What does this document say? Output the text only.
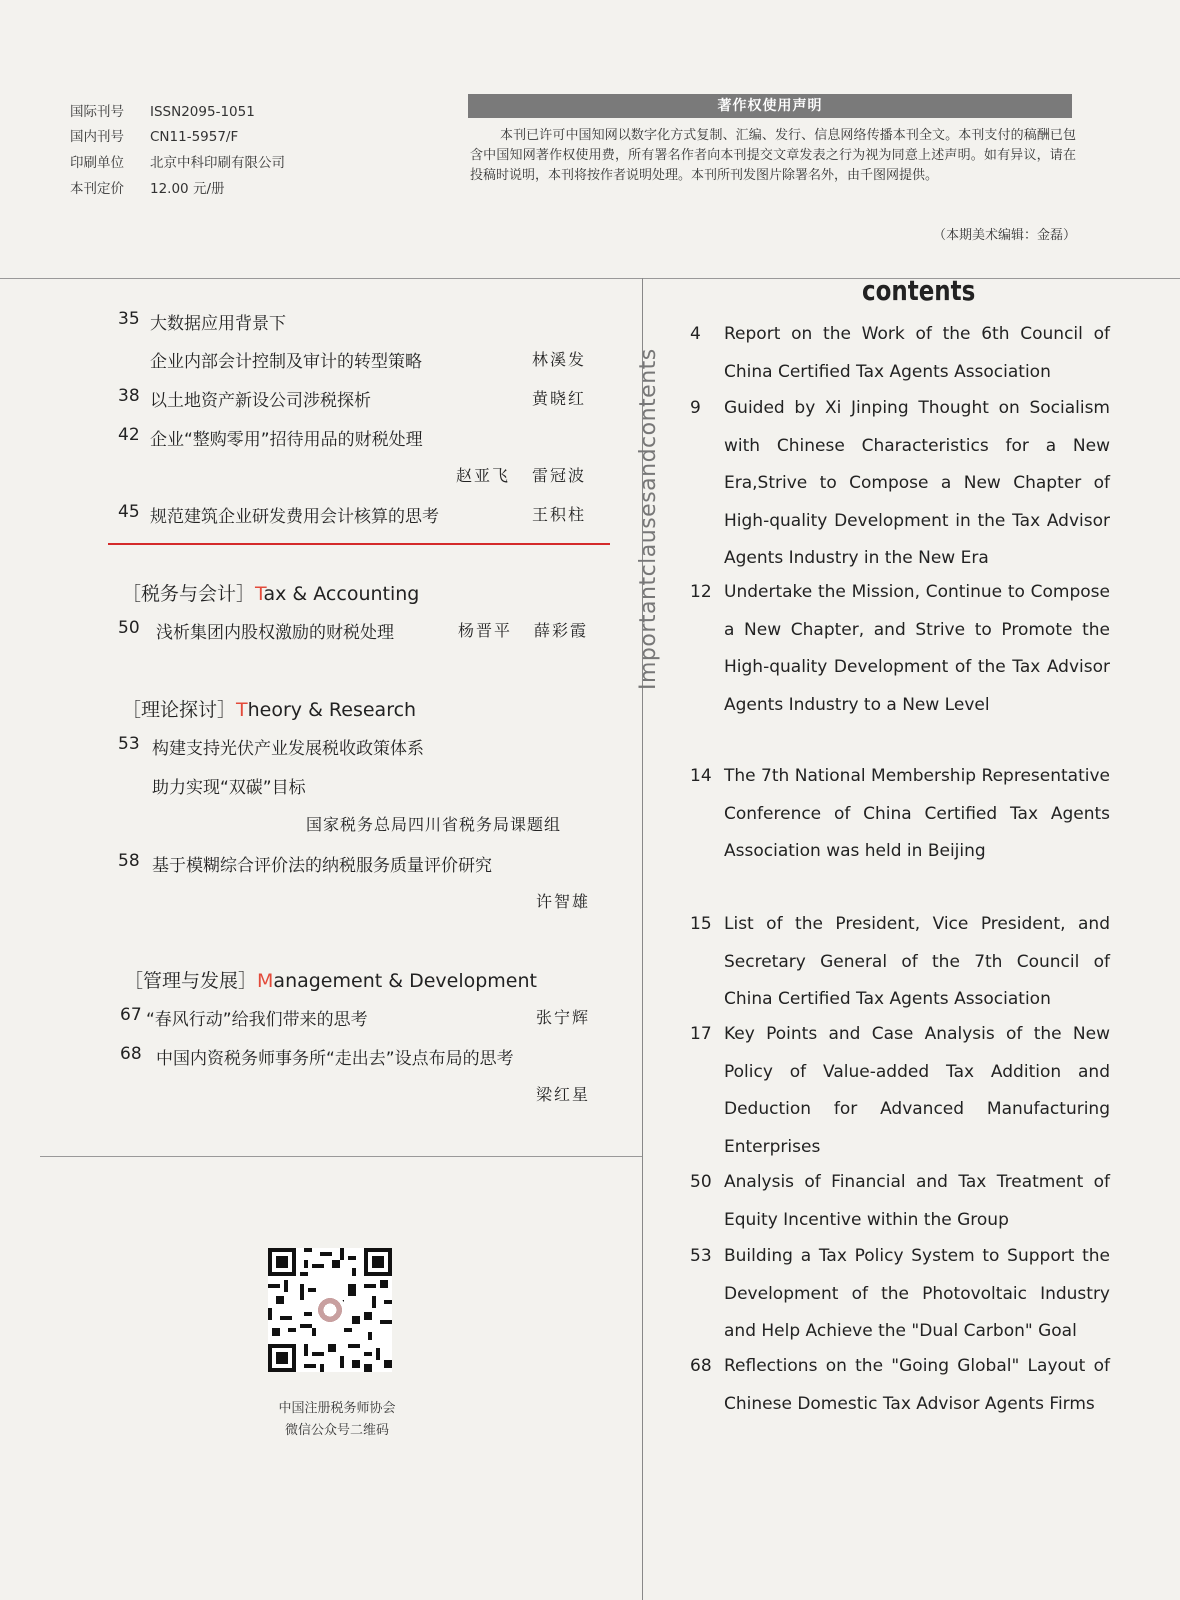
国际刊号 ISSN2095-1051
国内刊号 CN11-5957/F
印刷单位 北京中科印刷有限公司
本刊定价 12.00 元/册
著作权使用声明
本刊已许可中国知网以数字化方式复制、汇编、发行、信息网络传播本刊全文。本刊支付的稿酬已包含中国知网著作权使用费，所有署名作者向本刊提交文章发表之行为视为同意上述声明。如有异议，请在投稿时说明，本刊将按作者说明处理。本刊所刊发图片除署名外，由千图网提供。
（本期美术编辑：金磊）
35 大数据应用背景下
企业内部会计控制及审计的转型策略	林溪发
38 以土地资产新设公司涉税探析	黄晓红
42 企业“整购零用”招待用品的财税处理
赵亚飞 雷冠波
45 规范建筑企业研发费用会计核算的思考	王积柱
［税务与会计］Tax & Accounting
50 浅析集团内股权激励的财税处理	杨晋平 薛彩霞
［理论探讨］Theory & Research
53 构建支持光伏产业发展税收政策体系
助力实现“双碳”目标
国家税务总局四川省税务局课题组
58 基于模糊综合评价法的纳税服务质量评价研究
许智雄
［管理与发展］Management & Development
67 “春风行动”给我们带来的思考	张宁辉
68 中国内资税务师事务所“走出去”设点布局的思考
梁红星
Importantclausesandcontents
contents
4 Report on the Work of the 6th Council of China Certified Tax Agents Association
9 Guided by Xi Jinping Thought on Socialism with Chinese Characteristics for a New Era,Strive to Compose a New Chapter of High-quality Development in the Tax Advisor Agents Industry in the New Era
12 Undertake the Mission, Continue to Compose a New Chapter, and Strive to Promote the High-quality Development of the Tax Advisor Agents Industry to a New Level
14 The 7th National Membership Representative Conference of China Certified Tax Agents Association was held in Beijing
15 List of the President, Vice President, and Secretary General of the 7th Council of China Certified Tax Agents Association
17 Key Points and Case Analysis of the New Policy of Value-added Tax Addition and Deduction for Advanced Manufacturing Enterprises
50 Analysis of Financial and Tax Treatment of Equity Incentive within the Group
53 Building a Tax Policy System to Support the Development of the Photovoltaic Industry and Help Achieve the "Dual Carbon" Goal
68 Reflections on the "Going Global" Layout of Chinese Domestic Tax Advisor Agents Firms
中国注册税务师协会
微信公众号二维码
